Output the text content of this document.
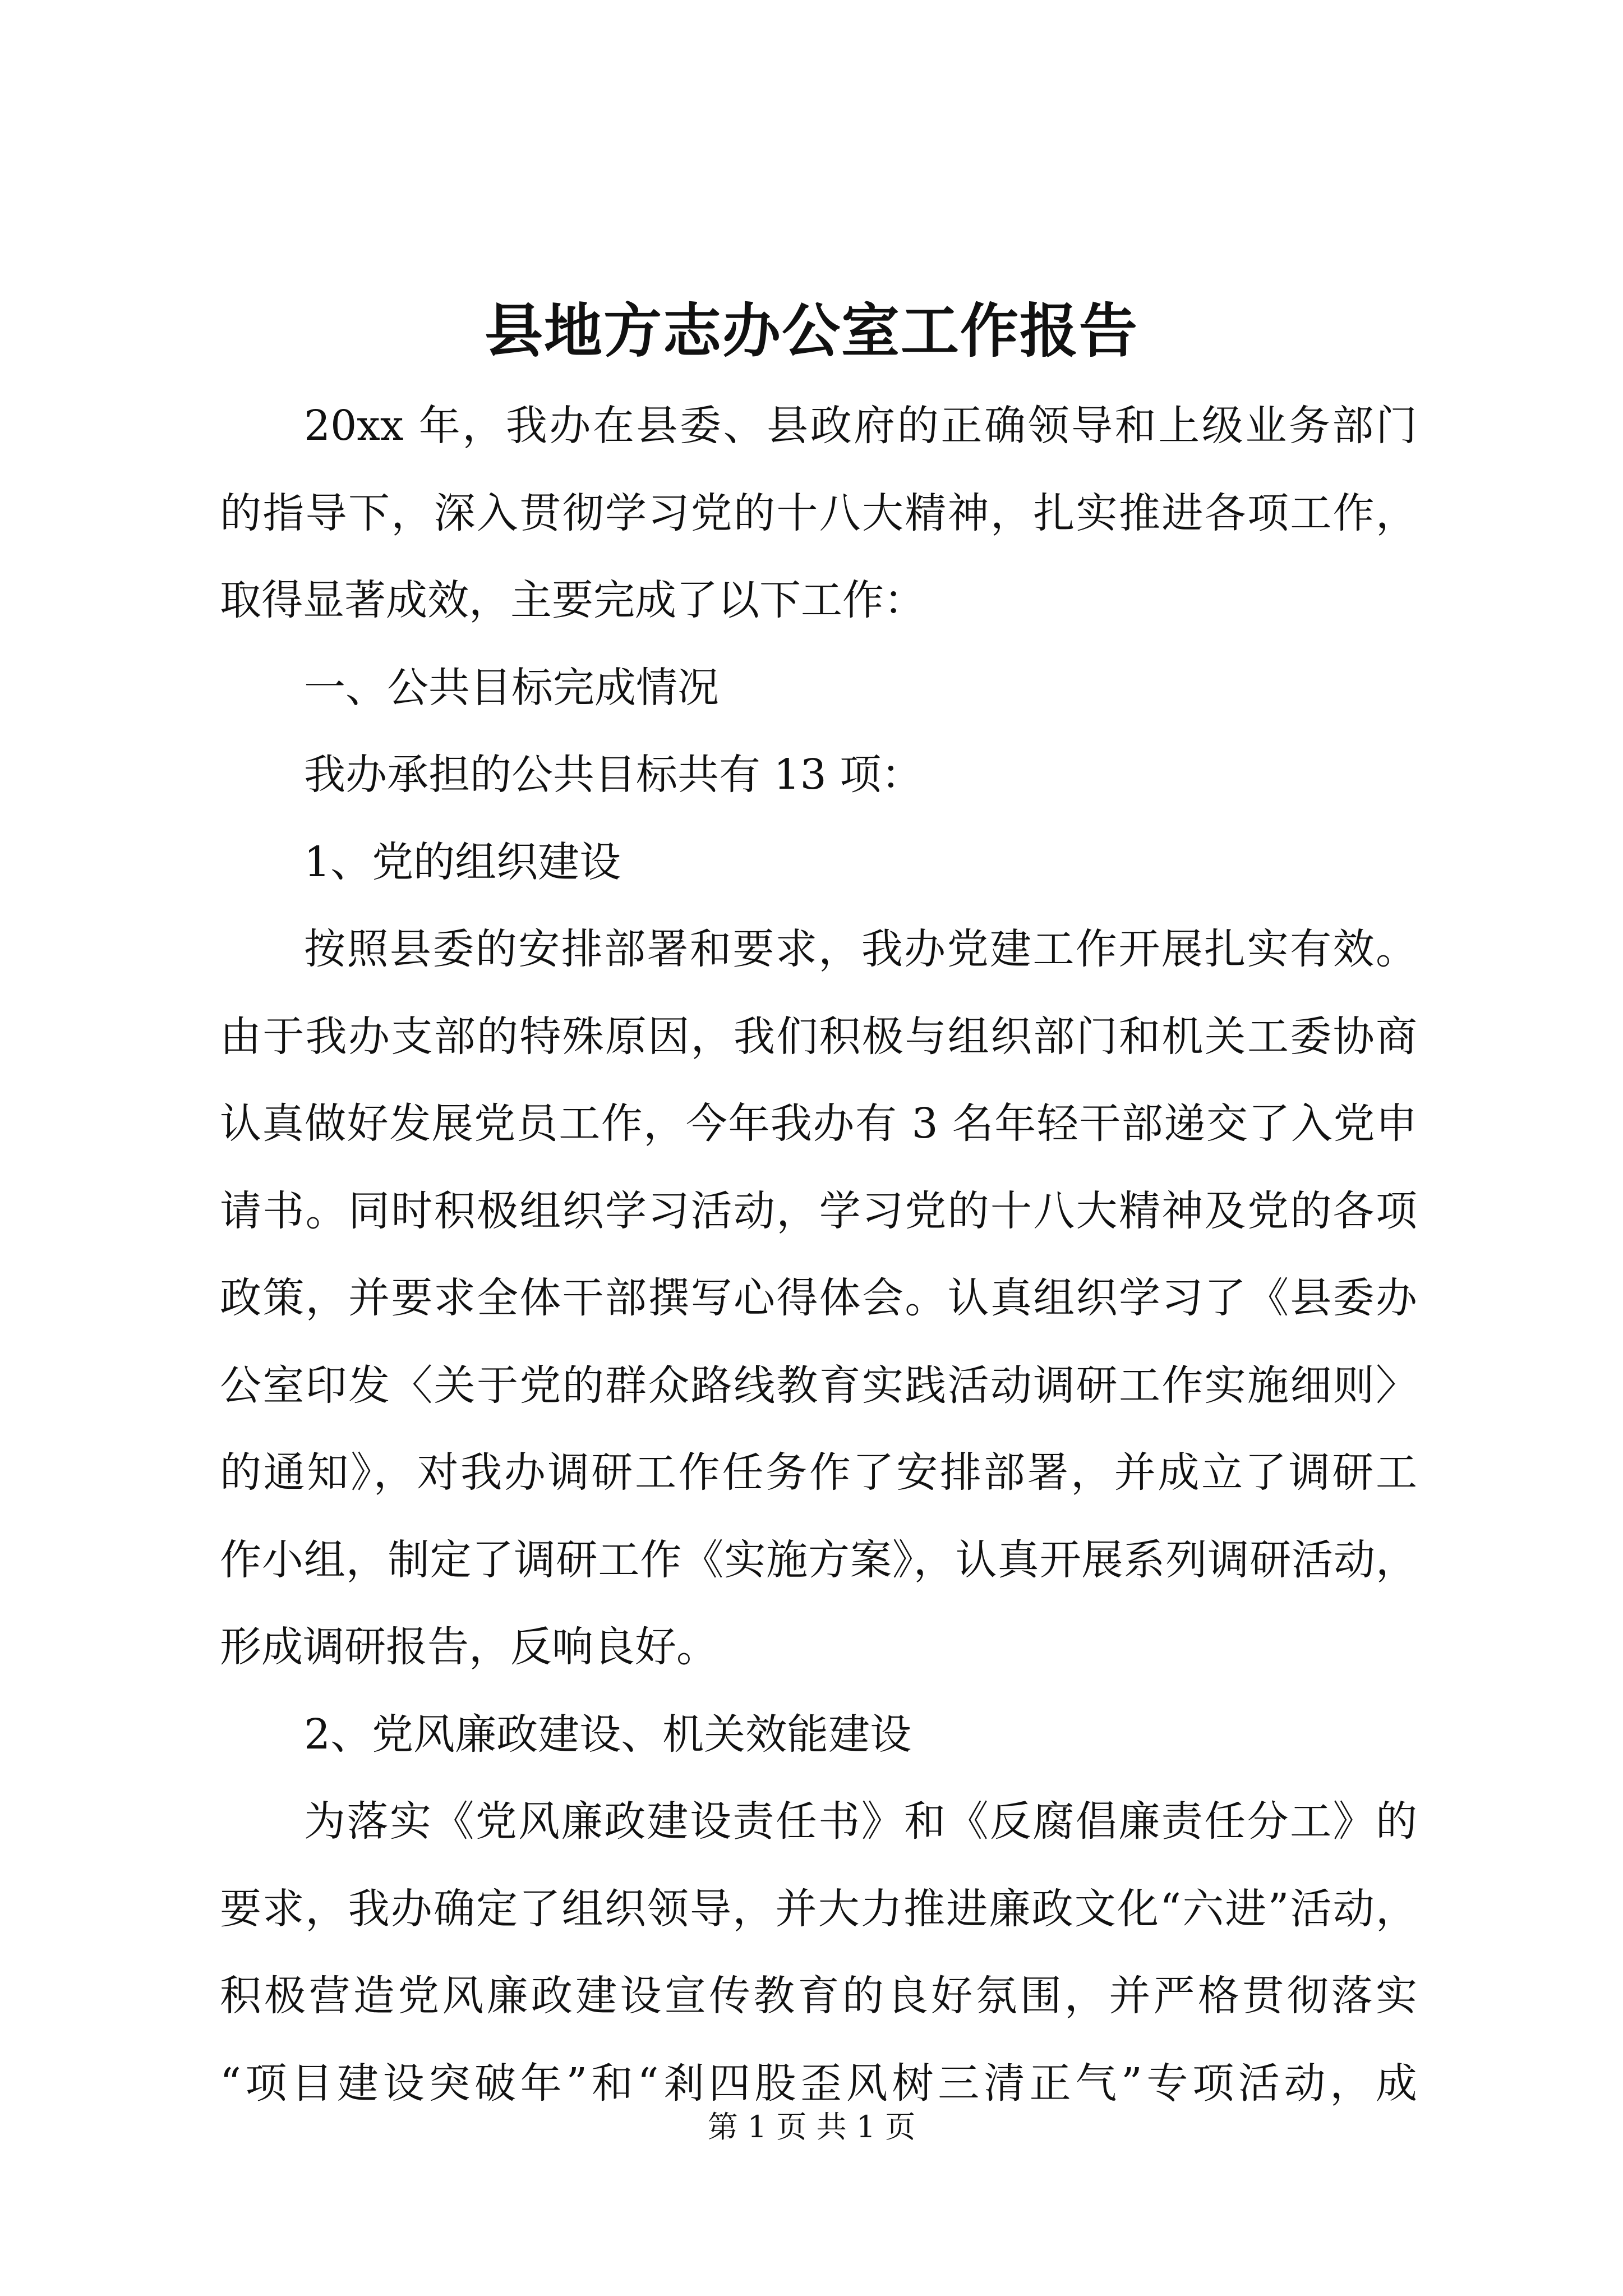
县地方志办公室工作报告
20xx 年，我办在县委、县政府的正确领导和上级业务部门
的指导下，深入贯彻学习党的十八大精神，扎实推进各项工作，
取得显著成效，主要完成了以下工作：
一、公共目标完成情况
我办承担的公共目标共有 13 项：
1、党的组织建设
按照县委的安排部署和要求，我办党建工作开展扎实有效。
由于我办支部的特殊原因，我们积极与组织部门和机关工委协商
认真做好发展党员工作，今年我办有 3 名年轻干部递交了入党申
请书。同时积极组织学习活动，学习党的十八大精神及党的各项
政策，并要求全体干部撰写心得体会。认真组织学习了《县委办
公室印发〈关于党的群众路线教育实践活动调研工作实施细则〉
的通知》，对我办调研工作任务作了安排部署，并成立了调研工
作小组，制定了调研工作《实施方案》，认真开展系列调研活动，
形成调研报告，反响良好。
2、党风廉政建设、机关效能建设
为落实《党风廉政建设责任书》和《反腐倡廉责任分工》的
要求，我办确定了组织领导，并大力推进廉政文化“六进”活动，
积极营造党风廉政建设宣传教育的良好氛围，并严格贯彻落实
“项目建设突破年”和“剎四股歪风树三清正气”专项活动，成
第 1 页 共 1 页
